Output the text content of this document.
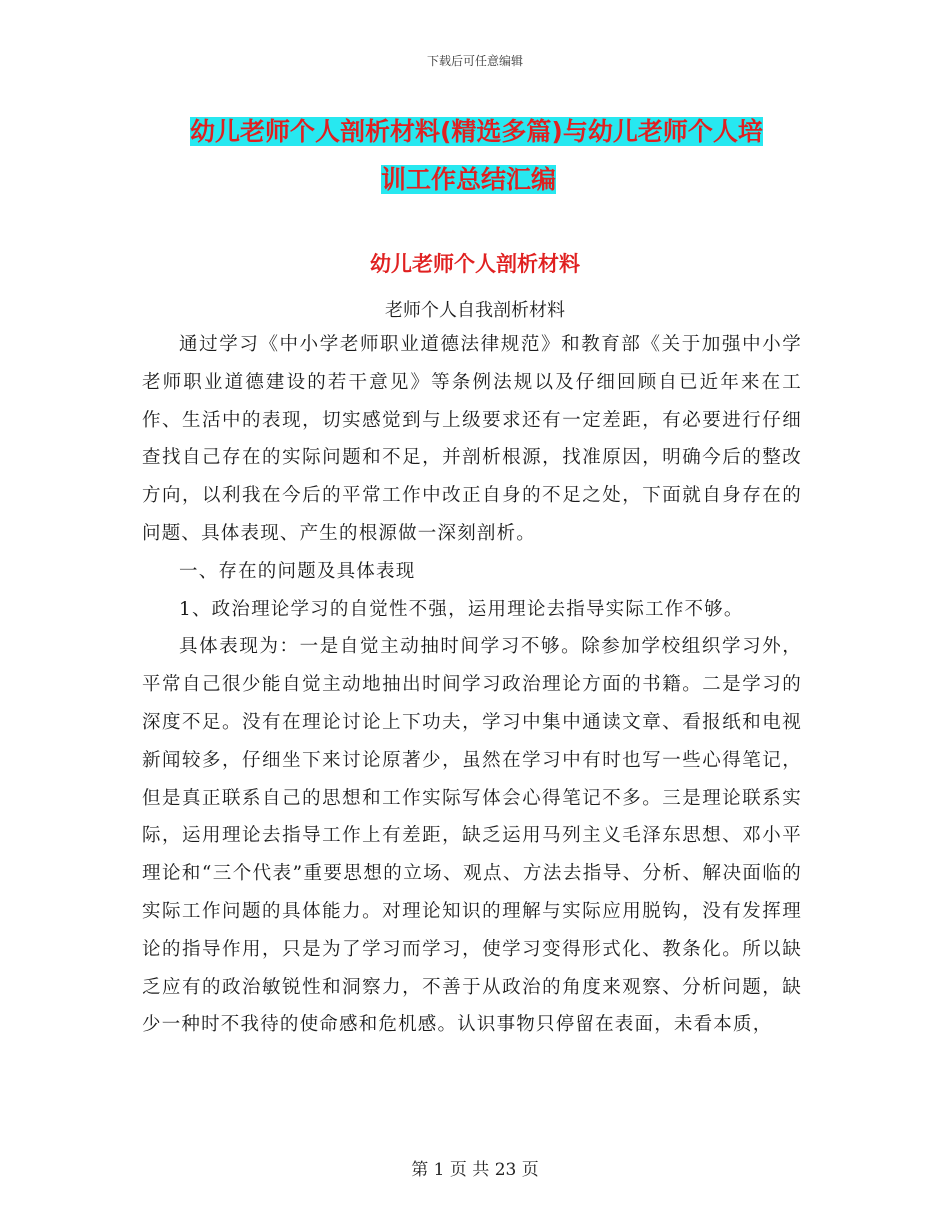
下载后可任意编辑
幼儿老师个人剖析材料(精选多篇)与幼儿老师个人培
训工作总结汇编
幼儿老师个人剖析材料
老师个人自我剖析材料

通过学习《中小学老师职业道德法律规范》和教育部《关于加强中小学老师职业道德建设的若干意见》等条例法规以及仔细回顾自已近年来在工作、生活中的表现，切实感觉到与上级要求还有一定差距，有必要进行仔细查找自己存在的实际问题和不足，并剖析根源，找准原因，明确今后的整改方向，以利我在今后的平常工作中改正自身的不足之处，下面就自身存在的问题、具体表现、产生的根源做一深刻剖析。

一、存在的问题及具体表现

1、政治理论学习的自觉性不强，运用理论去指导实际工作不够。

具体表现为：一是自觉主动抽时间学习不够。除参加学校组织学习外，平常自己很少能自觉主动地抽出时间学习政治理论方面的书籍。二是学习的深度不足。没有在理论讨论上下功夫，学习中集中通读文章、看报纸和电视新闻较多，仔细坐下来讨论原著少，虽然在学习中有时也写一些心得笔记，但是真正联系自己的思想和工作实际写体会心得笔记不多。三是理论联系实际，运用理论去指导工作上有差距，缺乏运用马列主义毛泽东思想、邓小平理论和“三个代表”重要思想的立场、观点、方法去指导、分析、解决面临的实际工作问题的具体能力。对理论知识的理解与实际应用脱钩，没有发挥理论的指导作用，只是为了学习而学习，使学习变得形式化、教条化。所以缺乏应有的政治敏锐性和洞察力，不善于从政治的角度来观察、分析问题，缺少一种时不我待的使命感和危机感。认识事物只停留在表面，未看本质，

第 1 页 共 23 页
